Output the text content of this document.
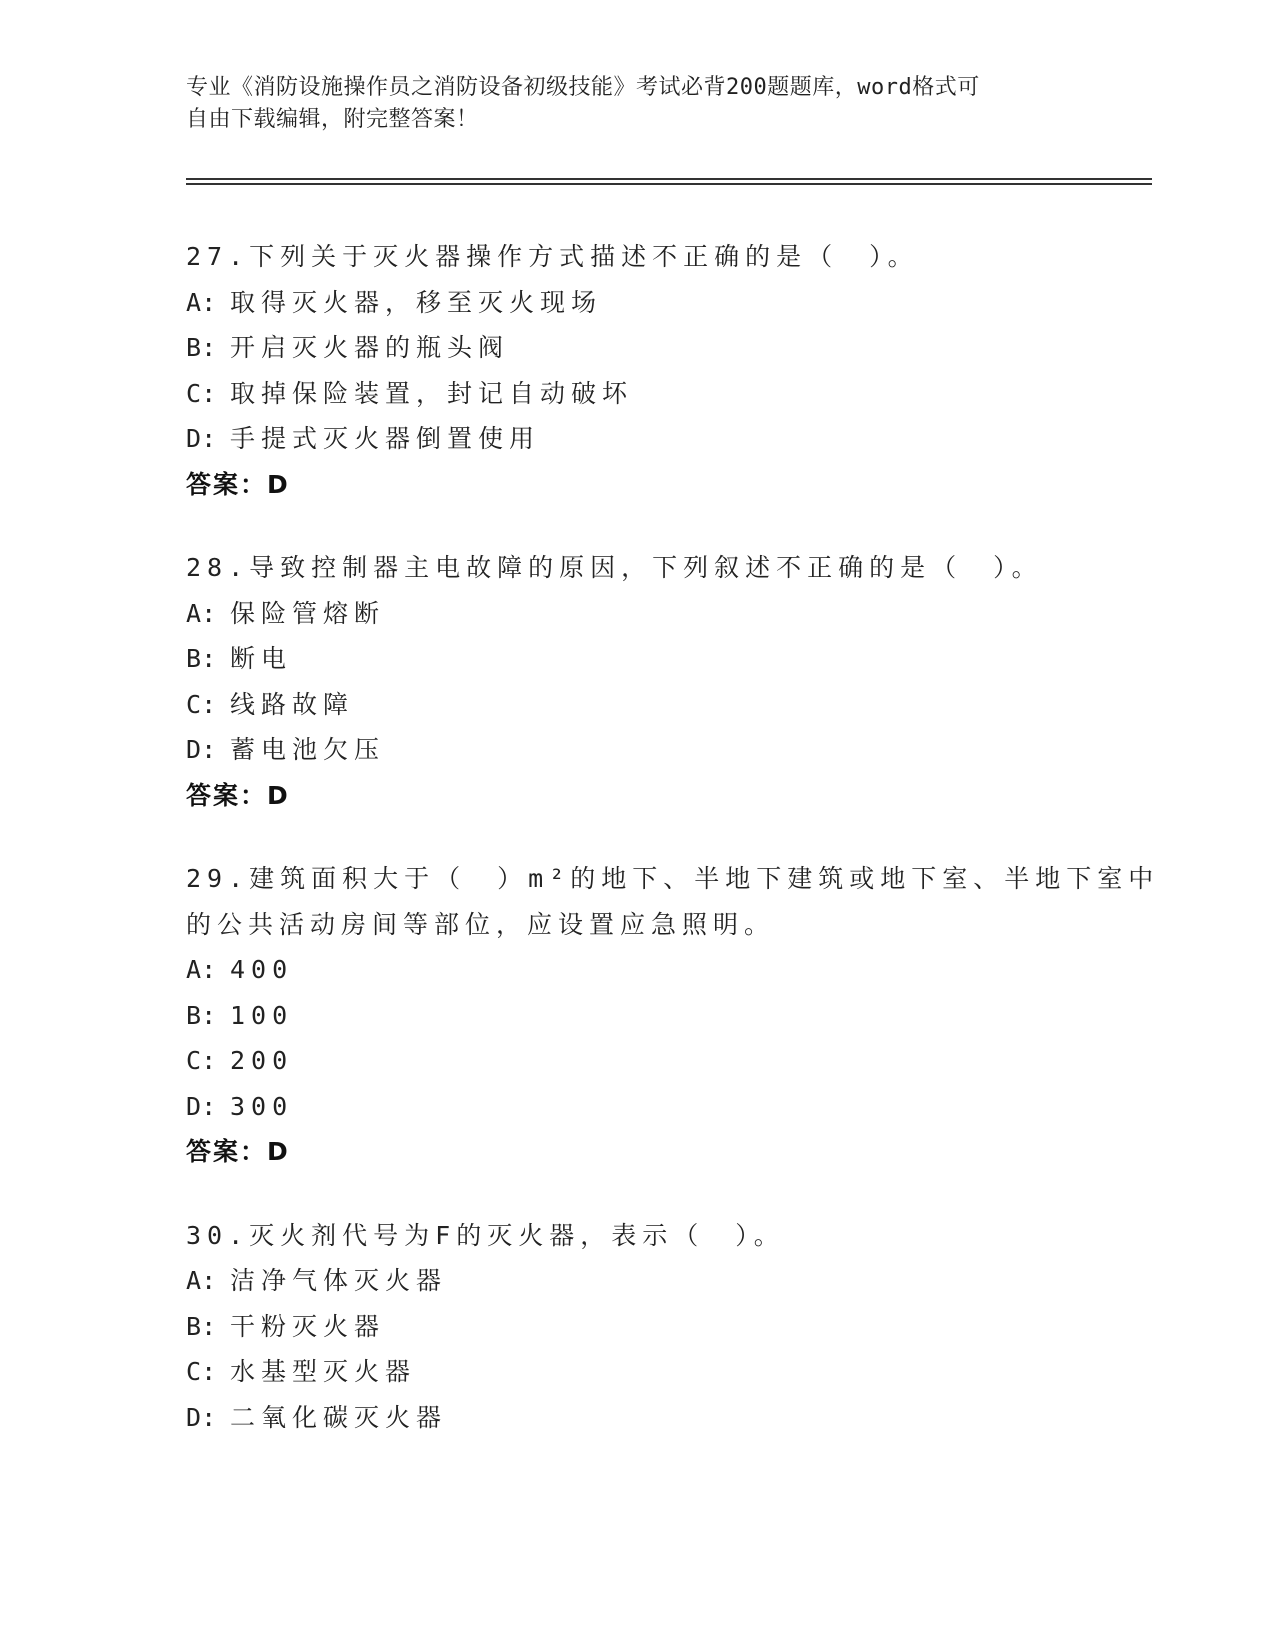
专业《消防设施操作员之消防设备初级技能》考试必背200题题库，word格式可
自由下载编辑，附完整答案！
27.下列关于灭火器操作方式描述不正确的是（　）。
A : 取得灭火器，移至灭火现场
B : 开启灭火器的瓶头阀
C : 取掉保险装置，封记自动破坏
D : 手提式灭火器倒置使用
答案：D
28.导致控制器主电故障的原因，下列叙述不正确的是（　）。
A : 保险管熔断
B : 断电
C : 线路故障
D : 蓄电池欠压
答案：D
29.建筑面积大于（　）m²的地下、半地下建筑或地下室、半地下室中
的公共活动房间等部位，应设置应急照明。
A : 400
B : 100
C : 200
D : 300
答案：D
30.灭火剂代号为F的灭火器，表示（　）。
A : 洁净气体灭火器
B : 干粉灭火器
C : 水基型灭火器
D : 二氧化碳灭火器
